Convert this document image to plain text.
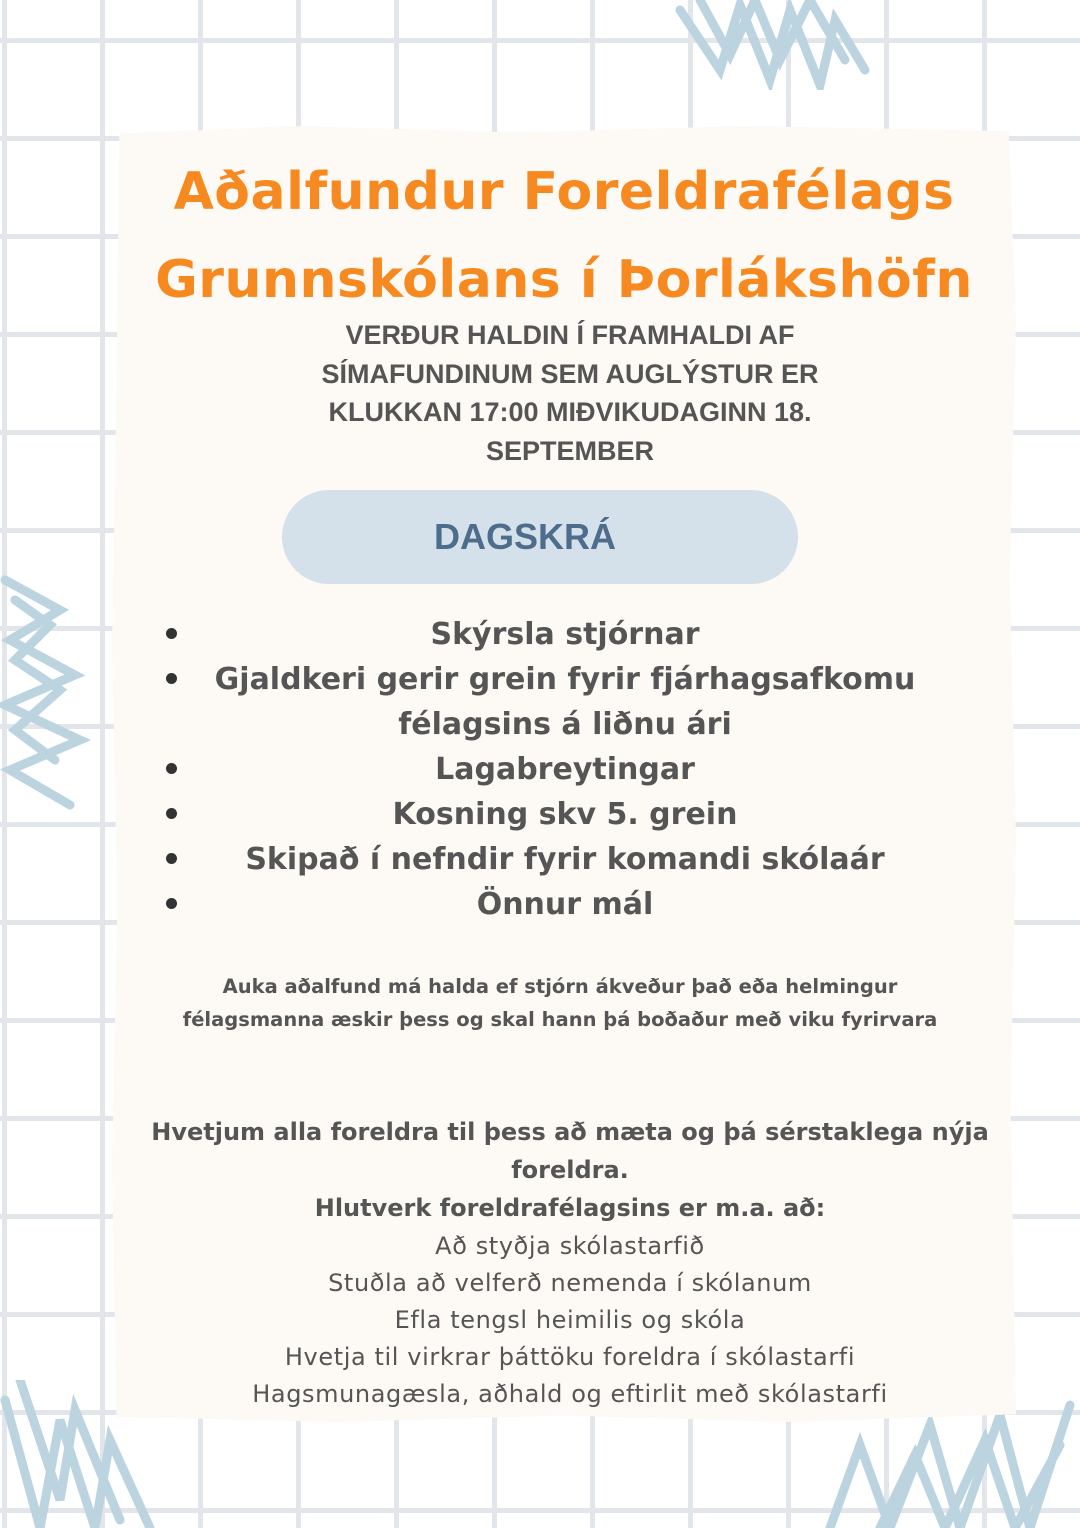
Aðalfundur Foreldrafélags
Grunnskólans í Þorlákshöfn

VERÐUR HALDIN Í FRAMHALDI AF
SÍMAFUNDINUM SEM AUGLÝSTUR ER
KLUKKAN 17:00 MIÐVIKUDAGINN 18.
SEPTEMBER

DAGSKRÁ
Skýrsla stjórnar
Gjaldkeri gerir grein fyrir fjárhagsafkomu félagsins á liðnu ári
Lagabreytingar
Kosning skv 5. grein
Skipað í nefndir fyrir komandi skólaár
Önnur mál

Auka aðalfund má halda ef stjórn ákveður það eða helmingur
félagsmanna æskir þess og skal hann þá boðaður með viku fyrirvara

Hvetjum alla foreldra til þess að mæta og þá sérstaklega nýja

foreldra.

Hlutverk foreldrafélagsins er m.a. að:

Að styðja skólastarfið
Stuðla að velferð nemenda í skólanum
Efla tengsl heimilis og skóla
Hvetja til virkrar þáttöku foreldra í skólastarfi
Hagsmunagæsla, aðhald og eftirlit með skólastarfi
